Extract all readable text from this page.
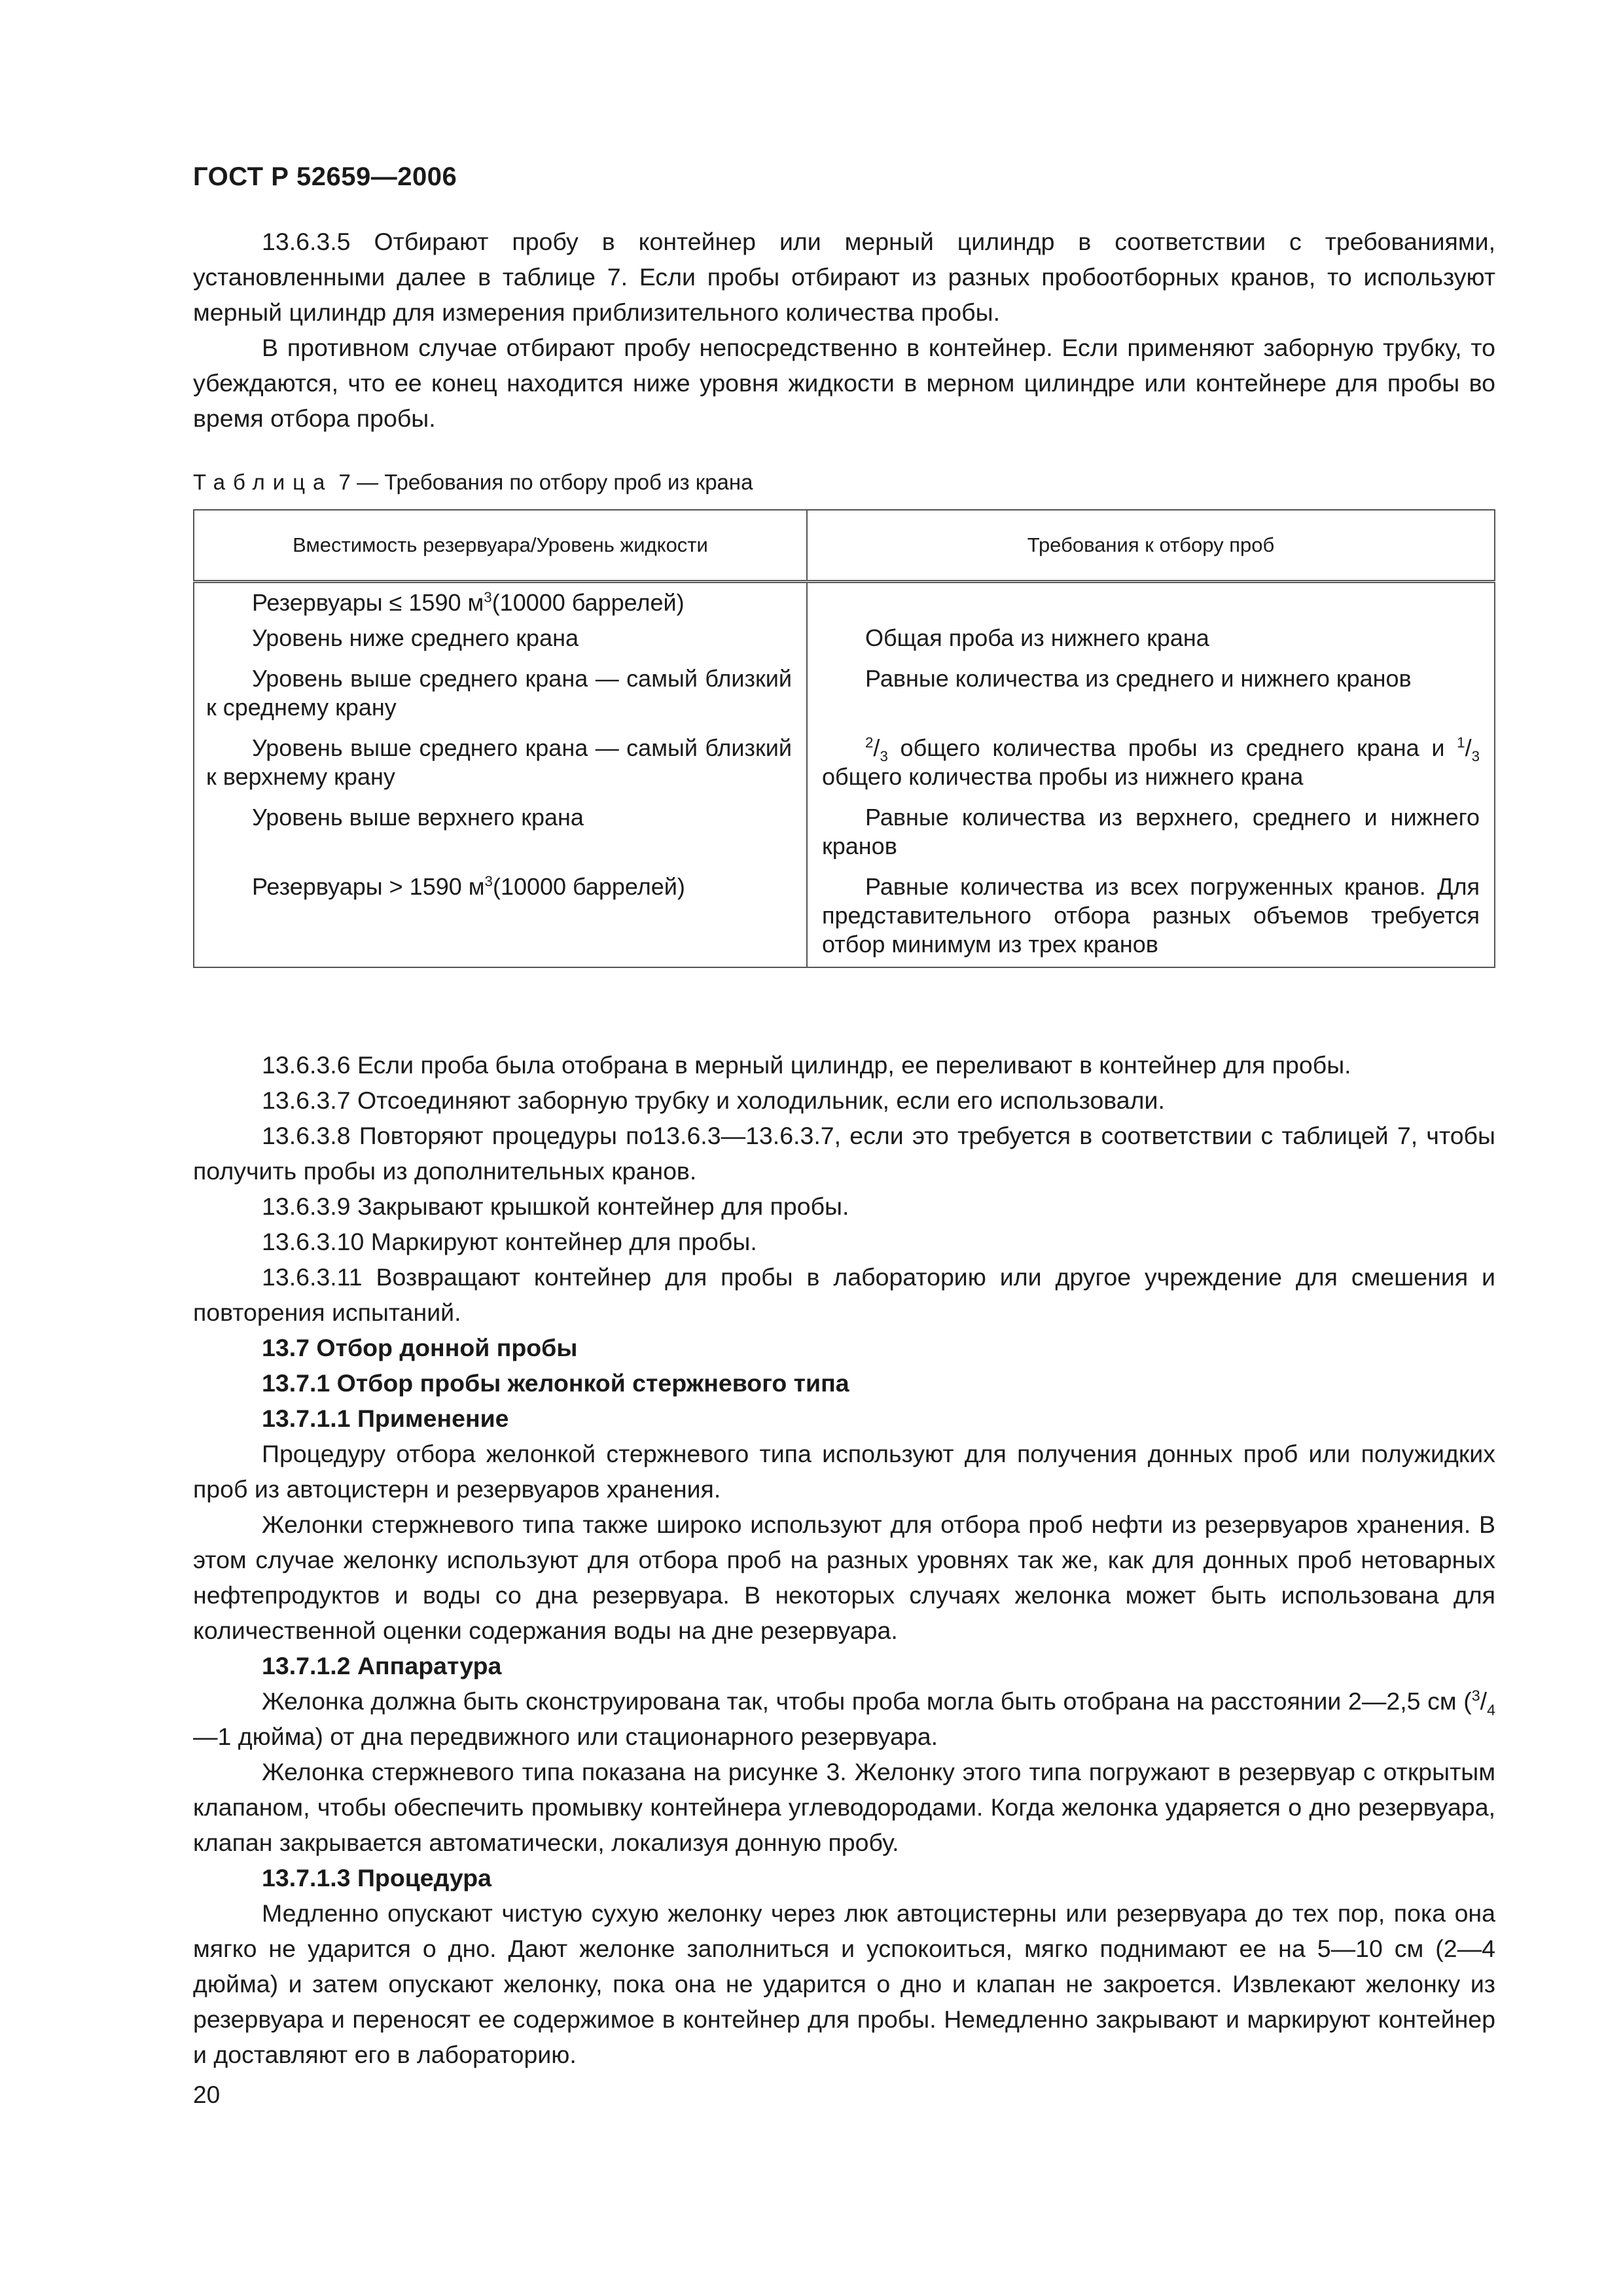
ГОСТ Р 52659—2006

13.6.3.5 Отбирают пробу в контейнер или мерный цилиндр в соответствии с требованиями, установленными далее в таблице 7. Если пробы отбирают из разных пробоотборных кранов, то используют мерный цилиндр для измерения приблизительного количества пробы.

В противном случае отбирают пробу непосредственно в контейнер. Если применяют заборную трубку, то убеждаются, что ее конец находится ниже уровня жидкости в мерном цилиндре или контейнере для пробы во время отбора пробы.

Таблица 7 — Требования по отбору проб из крана
Вместимость резервуара/Уровень жидкости	Требования к отбору проб

Резервуары ≤ 1590 $м^3(10000$ баррелей)
Уровень ниже среднего крана	Общая проба из нижнего крана

Уровень выше среднего крана — самый близкий к среднему крану	Равные количества из среднего и нижнего кранов

Уровень выше среднего крана — самый близкий к верхнему крану	$^2/_3$ общего количества пробы из среднего крана и $^1/_3$ общего количества пробы из нижнего крана

Уровень выше верхнего крана	Равные количества из верхнего, среднего и нижнего кранов

Резервуары > 1590 $м^3(10000$ баррелей)	Равные количества из всех погруженных кранов. Для представительного отбора разных объемов требуется отбор минимум из трех кранов

13.6.3.6 Если проба была отобрана в мерный цилиндр, ее переливают в контейнер для пробы.

13.6.3.7 Отсоединяют заборную трубку и холодильник, если его использовали.

13.6.3.8 Повторяют процедуры по13.6.3—13.6.3.7, если это требуется в соответствии с таблицей 7, чтобы получить пробы из дополнительных кранов.

13.6.3.9 Закрывают крышкой контейнер для пробы.

13.6.3.10 Маркируют контейнер для пробы.

13.6.3.11 Возвращают контейнер для пробы в лабораторию или другое учреждение для смешения и повторения испытаний.

13.7 Отбор донной пробы

13.7.1 Отбор пробы желонкой стержневого типа

13.7.1.1 Применение

Процедуру отбора желонкой стержневого типа используют для получения донных проб или полужидких проб из автоцистерн и резервуаров хранения.

Желонки стержневого типа также широко используют для отбора проб нефти из резервуаров хранения. В этом случае желонку используют для отбора проб на разных уровнях так же, как для донных проб нетоварных нефтепродуктов и воды со дна резервуара. В некоторых случаях желонка может быть использована для количественной оценки содержания воды на дне резервуара.

13.7.1.2 Аппаратура

Желонка должна быть сконструирована так, чтобы проба могла быть отобрана на расстоянии 2—2,5 см ($^3/_4—1$ дюйма) от дна передвижного или стационарного резервуара.

Желонка стержневого типа показана на рисунке 3. Желонку этого типа погружают в резервуар с открытым клапаном, чтобы обеспечить промывку контейнера углеводородами. Когда желонка ударяется о дно резервуара, клапан закрывается автоматически, локализуя донную пробу.

13.7.1.3 Процедура

Медленно опускают чистую сухую желонку через люк автоцистерны или резервуара до тех пор, пока она мягко не ударится о дно. Дают желонке заполниться и успокоиться, мягко поднимают ее на 5—10 см (2—4 дюйма) и затем опускают желонку, пока она не ударится о дно и клапан не закроется. Извлекают желонку из резервуара и переносят ее содержимое в контейнер для пробы. Немедленно закрывают и маркируют контейнер и доставляют его в лабораторию.

20
